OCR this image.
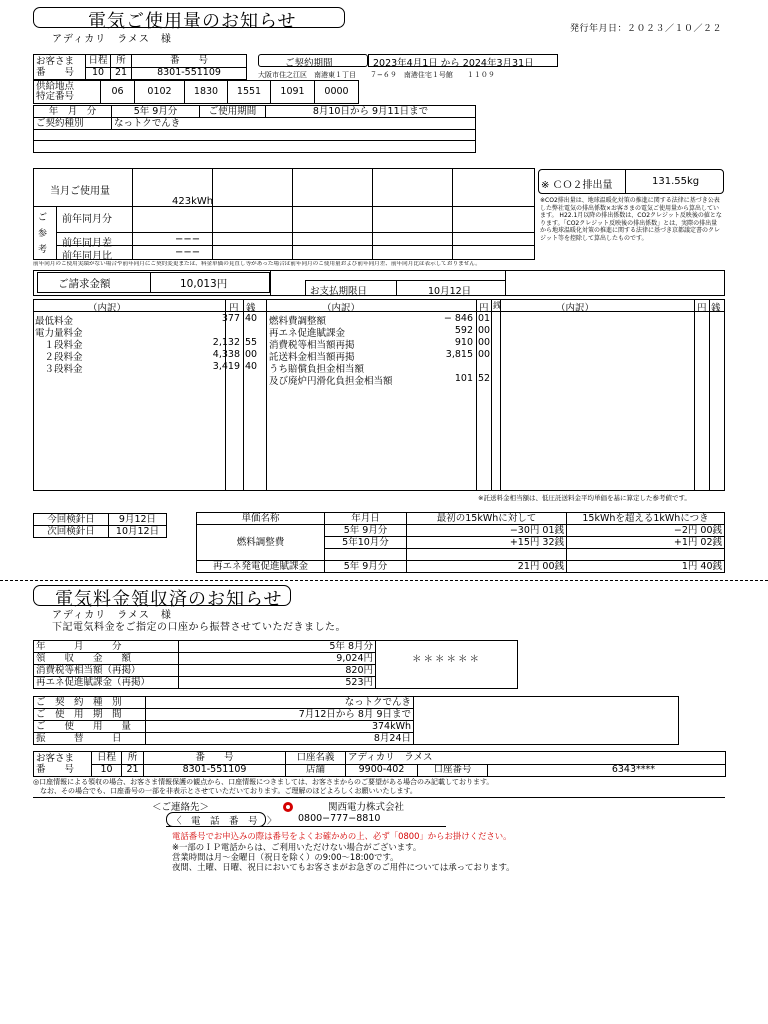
電気ご使用量のお知らせ	発行年月日：２０２３／１０／２２
アディカリ　ラメス　様
お客さま
番　　号	日程	所	番　　号
	10	21	8301-551109
ご契約期間	2023年4月1日 から 2024年3月31日
大阪市住之江区　南港東１丁目　　７−６９　南港住宅１号館　　１１０９
供給地点
特定番号	06	0102	1830	1551	1091	0000
年　月　分	5年 9月分	ご使用期間	8月10日から 9月11日まで
ご契約種別	なっトクでんき		

当月ご使用量
423kWh
ご参考
前年同月分
前年同月差	−−−
前年同月比	−−−
前年同月のご使用実績がない場合や前年同月にご契約変更または、料金単価の見直し等があった場合は前年同月のご使用量および前年同月差、前年同月比は表示しておりません。
※ ＣＯ２排出量	131.55kg
※CO2排出量は、地球温暖化対策の推進に関する法律に基づき公表した弊社電気の排出係数×お客さまの電気ご使用量から算出しています。 H22.1月以降の排出係数は、CO2クレジット反映後の値となります。「CO2クレジット反映後の排出係数」とは、実際の排出量から地球温暖化対策の推進に関する法律に基づき京都議定書のクレジット等を控除して算出したものです。
ご請求金額	10,013円
お支払期限日	10月12日
（内訳）	円 銭	（内訳）	円 銭	（内訳）	円 銭
最低料金	377 40
電力量料金
　１段料金	2,132 55
　２段料金	4,338 00
　３段料金	3,419 40
燃料費調整額	− 846 01
再エネ促進賦課金	592 00
消費税等相当額再掲	910 00
託送料金相当額再掲	3,815 00
うち賠償負担金相当額
及び廃炉円滑化負担金相当額	101 52
※託送料金相当額は、低圧託送料金平均単価を基に算定した参考値です。
今回検針日	9月12日
次回検針日	10月12日
単価名称	年月日	最初の15kWhに対して	15kWhを超える1kWhにつき
燃料調整費	5年 9月分	−30円 01銭	−2円 00銭
	5年10月分	+15円 32銭	+1円 02銭

再エネ発電促進賦課金	5年 9月分	21円 00銭	1円 40銭
電気料金領収済のお知らせ
アディカリ　ラメス　様
下記電気料金をご指定の口座から振替させていただきました。
年　　　月　　　分	5年 8月分	＊＊＊＊＊＊
領　　収　　金　　額	9,024円	
消費税等相当額（再掲）	820円	
再エネ促進賦課金（再掲）	523円	
ご　契　約　種　別	なっトクでんき	
ご　使　用　期　間	7月12日から 8月 9日まで	
ご　　使　　用　　量	374kWh	
振　　　替　　　日	8月24日	
お客さま
番　　号	日程	所	番　　号	口座名義	アディカリ　ラメス		
	10	21	8301-551109	店舗	9900-402	口座番号	6343****
◎口座情報による領収の場合、お客さま情報保護の観点から、口座情報につきましては、お客さまからのご要望がある場合のみ記載しております。
　なお、その場合でも、口座番号の一部を非表示とさせていただいております。ご理解のほどよろしくお願いいたします。
＜ご連絡先＞	関西電力株式会社
〈　電　話　番　号　〉 0800−777−8810
電話番号でお申込みの際は番号をよくお確かめの上、必ず「0800」からお掛けください。
※一部のＩＰ電話からは、ご利用いただけない場合がございます。
営業時間は月〜金曜日（祝日を除く）の9:00〜18:00です。
夜間、土曜、日曜、祝日においてもお客さまがお急ぎのご用件については承っております。
